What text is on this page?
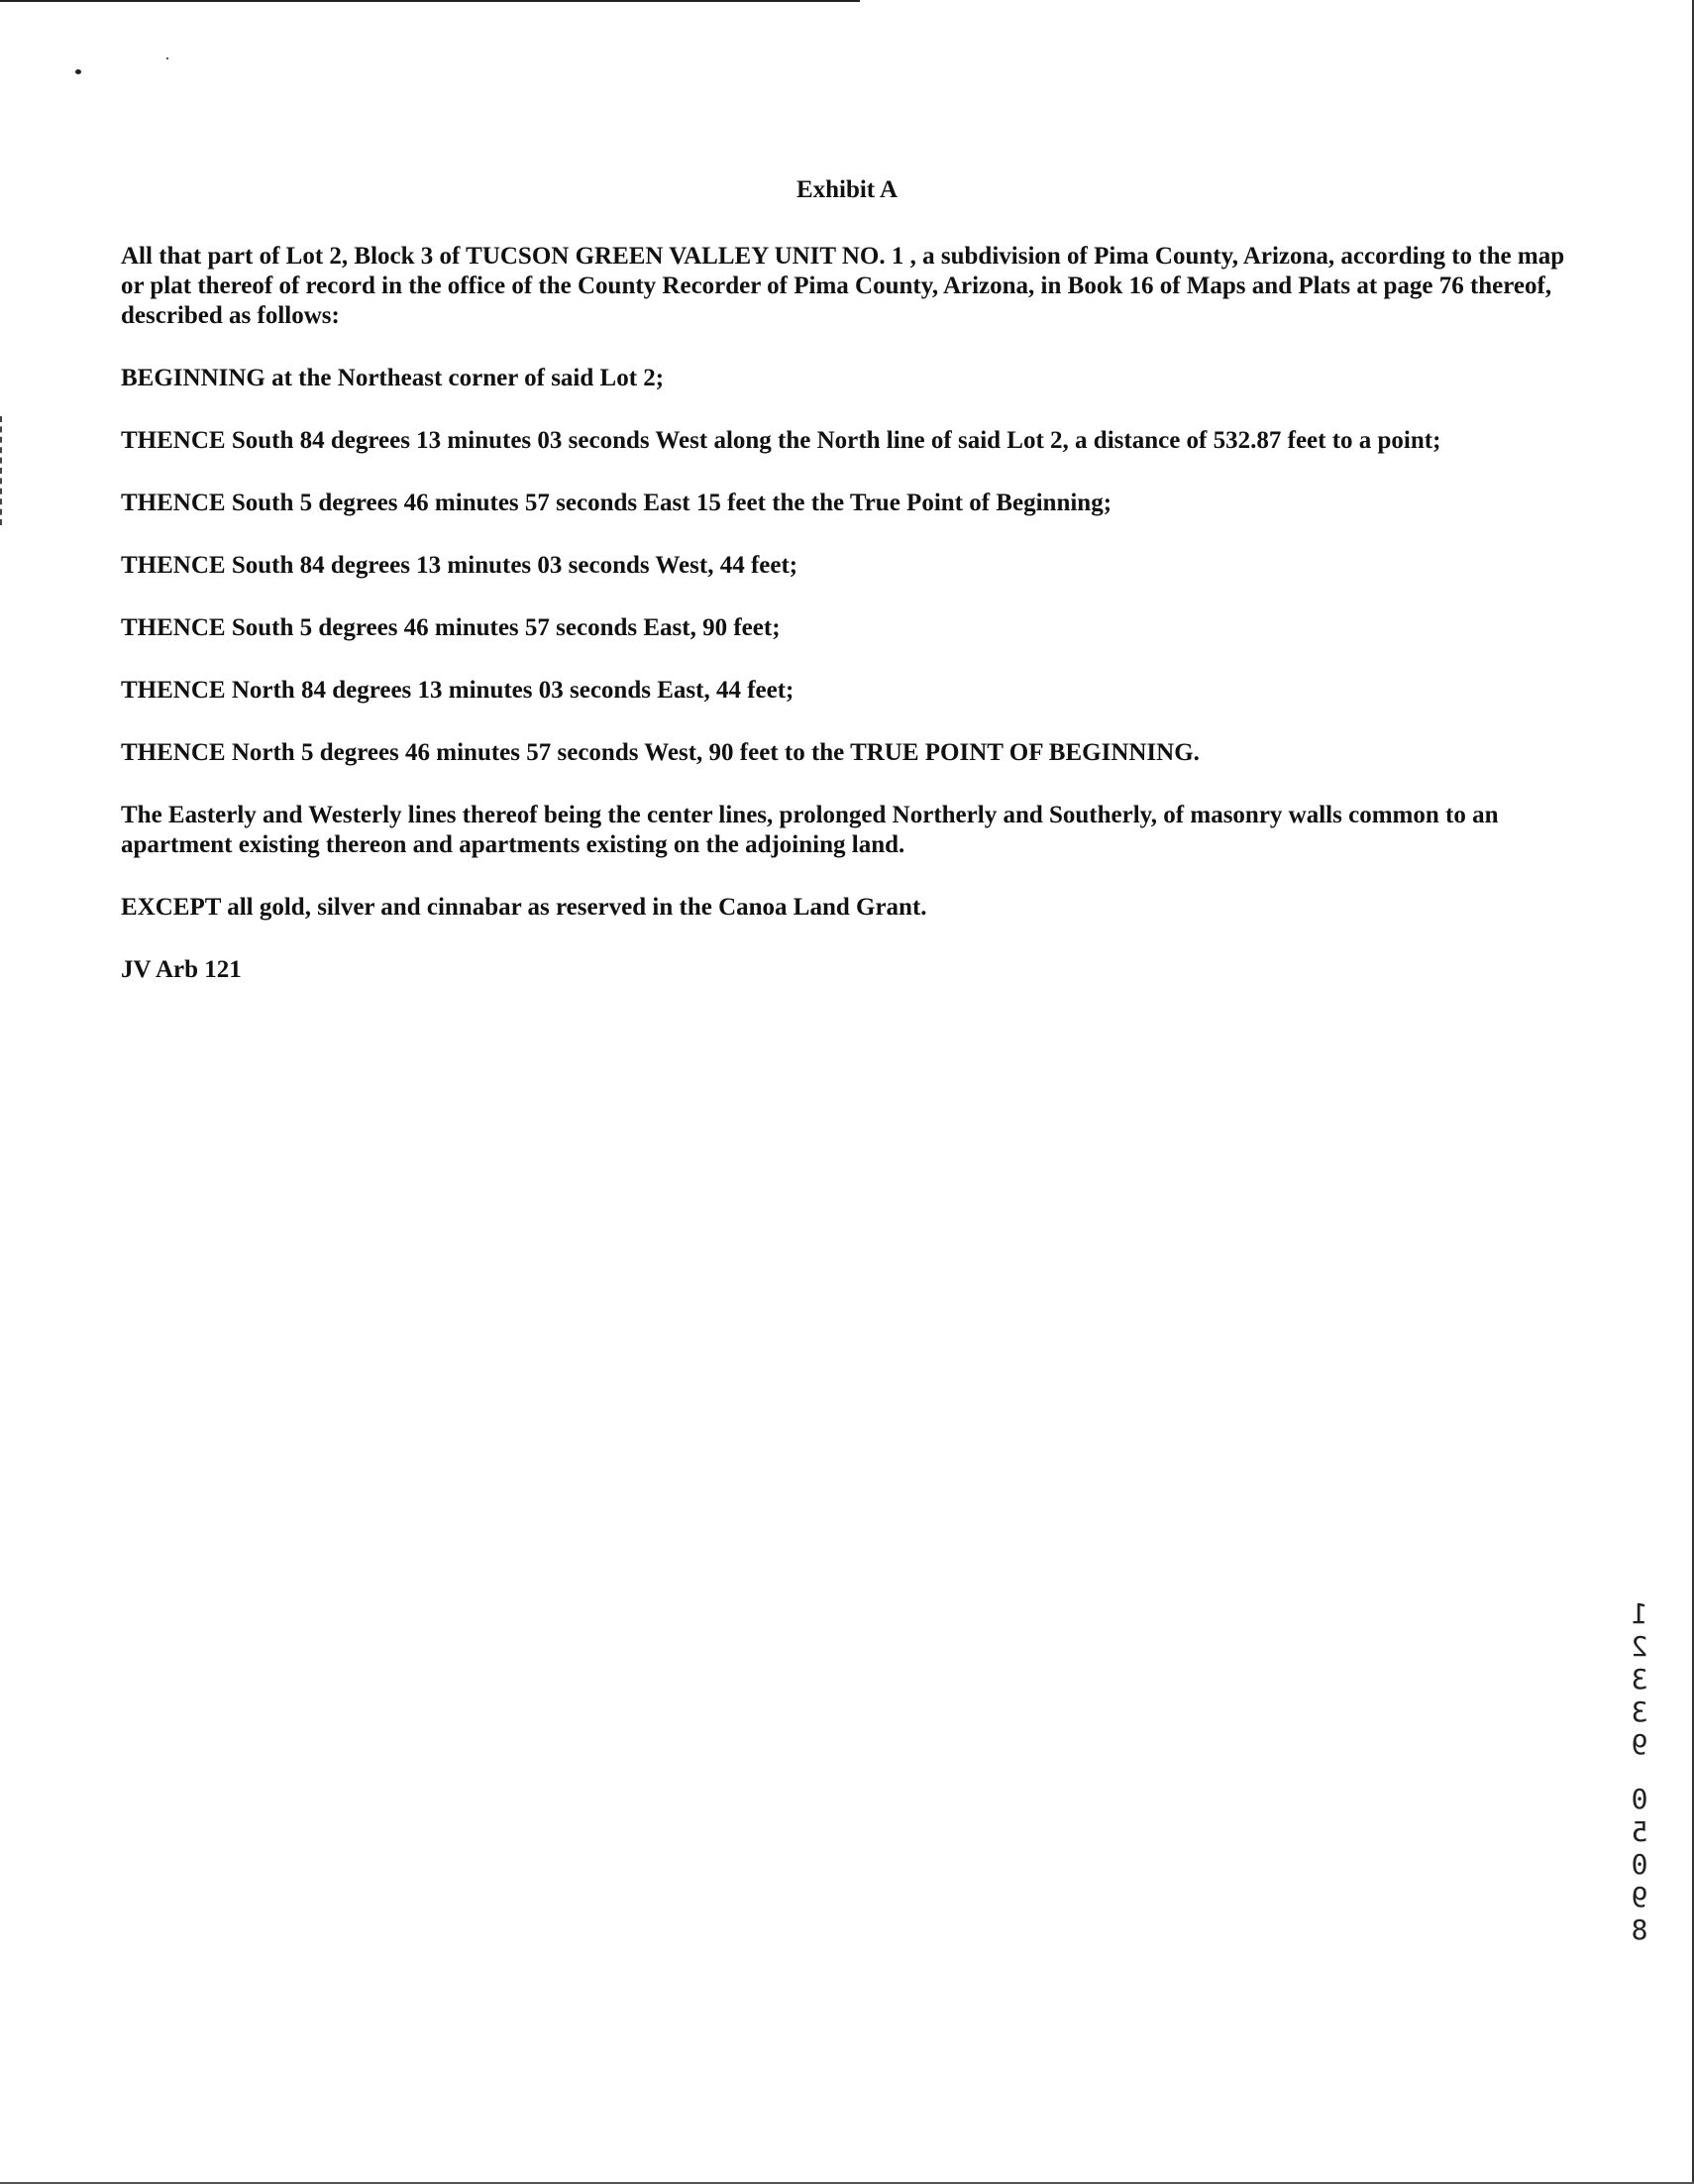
Exhibit A

All that part of Lot 2, Block 3 of TUCSON GREEN VALLEY UNIT NO. 1 , a subdivision of Pima County, Arizona, according to the map or plat thereof of record in the office of the County Recorder of Pima County, Arizona, in Book 16 of Maps and Plats at page 76 thereof, described as follows:

BEGINNING at the Northeast corner of said Lot 2;

THENCE South 84 degrees 13 minutes 03 seconds West along the North line of said Lot 2, a distance of 532.87 feet to a point;

THENCE South 5 degrees 46 minutes 57 seconds East 15 feet the the True Point of Beginning;

THENCE South 84 degrees 13 minutes 03 seconds West, 44 feet;

THENCE South 5 degrees 46 minutes 57 seconds East, 90 feet;

THENCE North 84 degrees 13 minutes 03 seconds East, 44 feet;

THENCE North 5 degrees 46 minutes 57 seconds West, 90 feet to the TRUE POINT OF BEGINNING.

The Easterly and Westerly lines thereof being the center lines, prolonged Northerly and Southerly, of masonry walls common to an apartment existing thereon and apartments existing on the adjoining land.

EXCEPT all gold, silver and cinnabar as reserved in the Canoa Land Grant.

JV Arb 121

1
2
3
3
9
0
5
0
9
8
